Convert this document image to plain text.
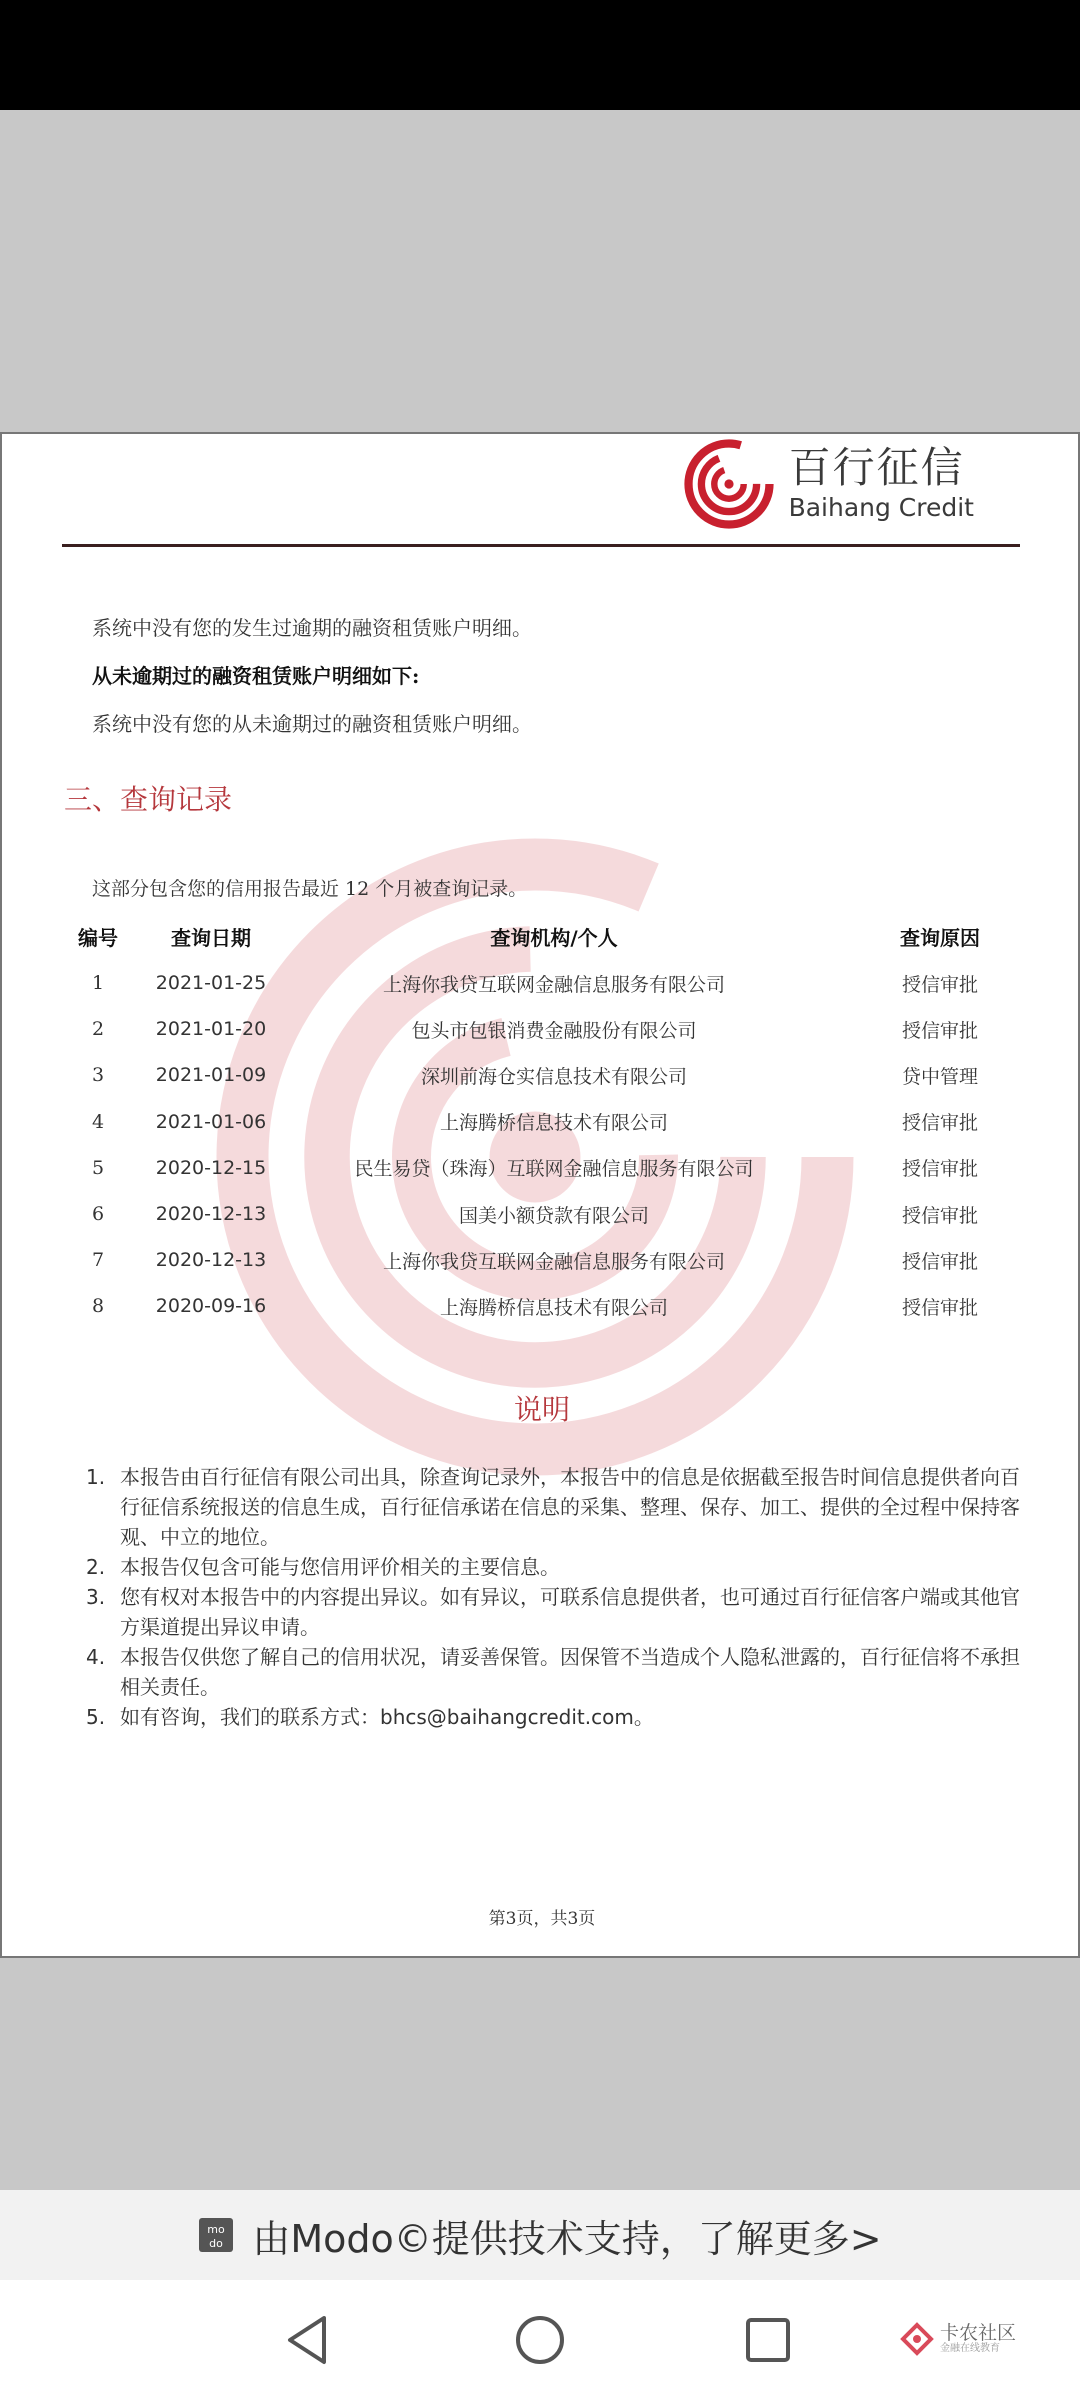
百行征信
Baihang Credit
系统中没有您的发生过逾期的融资租赁账户明细。
从未逾期过的融资租赁账户明细如下:
系统中没有您的从未逾期过的融资租赁账户明细。
三、查询记录
这部分包含您的信用报告最近 12 个月被查询记录。
编号	查询日期	查询机构/个人	查询原因
1	2021-01-25	上海你我贷互联网金融信息服务有限公司	授信审批
2	2021-01-20	包头市包银消费金融股份有限公司	授信审批
3	2021-01-09	深圳前海仓实信息技术有限公司	贷中管理
4	2021-01-06	上海腾桥信息技术有限公司	授信审批
5	2020-12-15	民生易贷（珠海）互联网金融信息服务有限公司	授信审批
6	2020-12-13	国美小额贷款有限公司	授信审批
7	2020-12-13	上海你我贷互联网金融信息服务有限公司	授信审批
8	2020-09-16	上海腾桥信息技术有限公司	授信审批
说明
1. 本报告由百行征信有限公司出具，除查询记录外，本报告中的信息是依据截至报告时间信息提供者向百行征信系统报送的信息生成，百行征信承诺在信息的采集、整理、保存、加工、提供的全过程中保持客观、中立的地位。
2. 本报告仅包含可能与您信用评价相关的主要信息。
3. 您有权对本报告中的内容提出异议。如有异议，可联系信息提供者，也可通过百行征信客户端或其他官方渠道提出异议申请。
4. 本报告仅供您了解自己的信用状况，请妥善保管。因保管不当造成个人隐私泄露的，百行征信将不承担相关责任。
5. 如有咨询，我们的联系方式：bhcs@baihangcredit.com。
第3页，共3页
mo
do 由Modo©提供技术支持，了解更多>
卡农社区
金融在线教育
